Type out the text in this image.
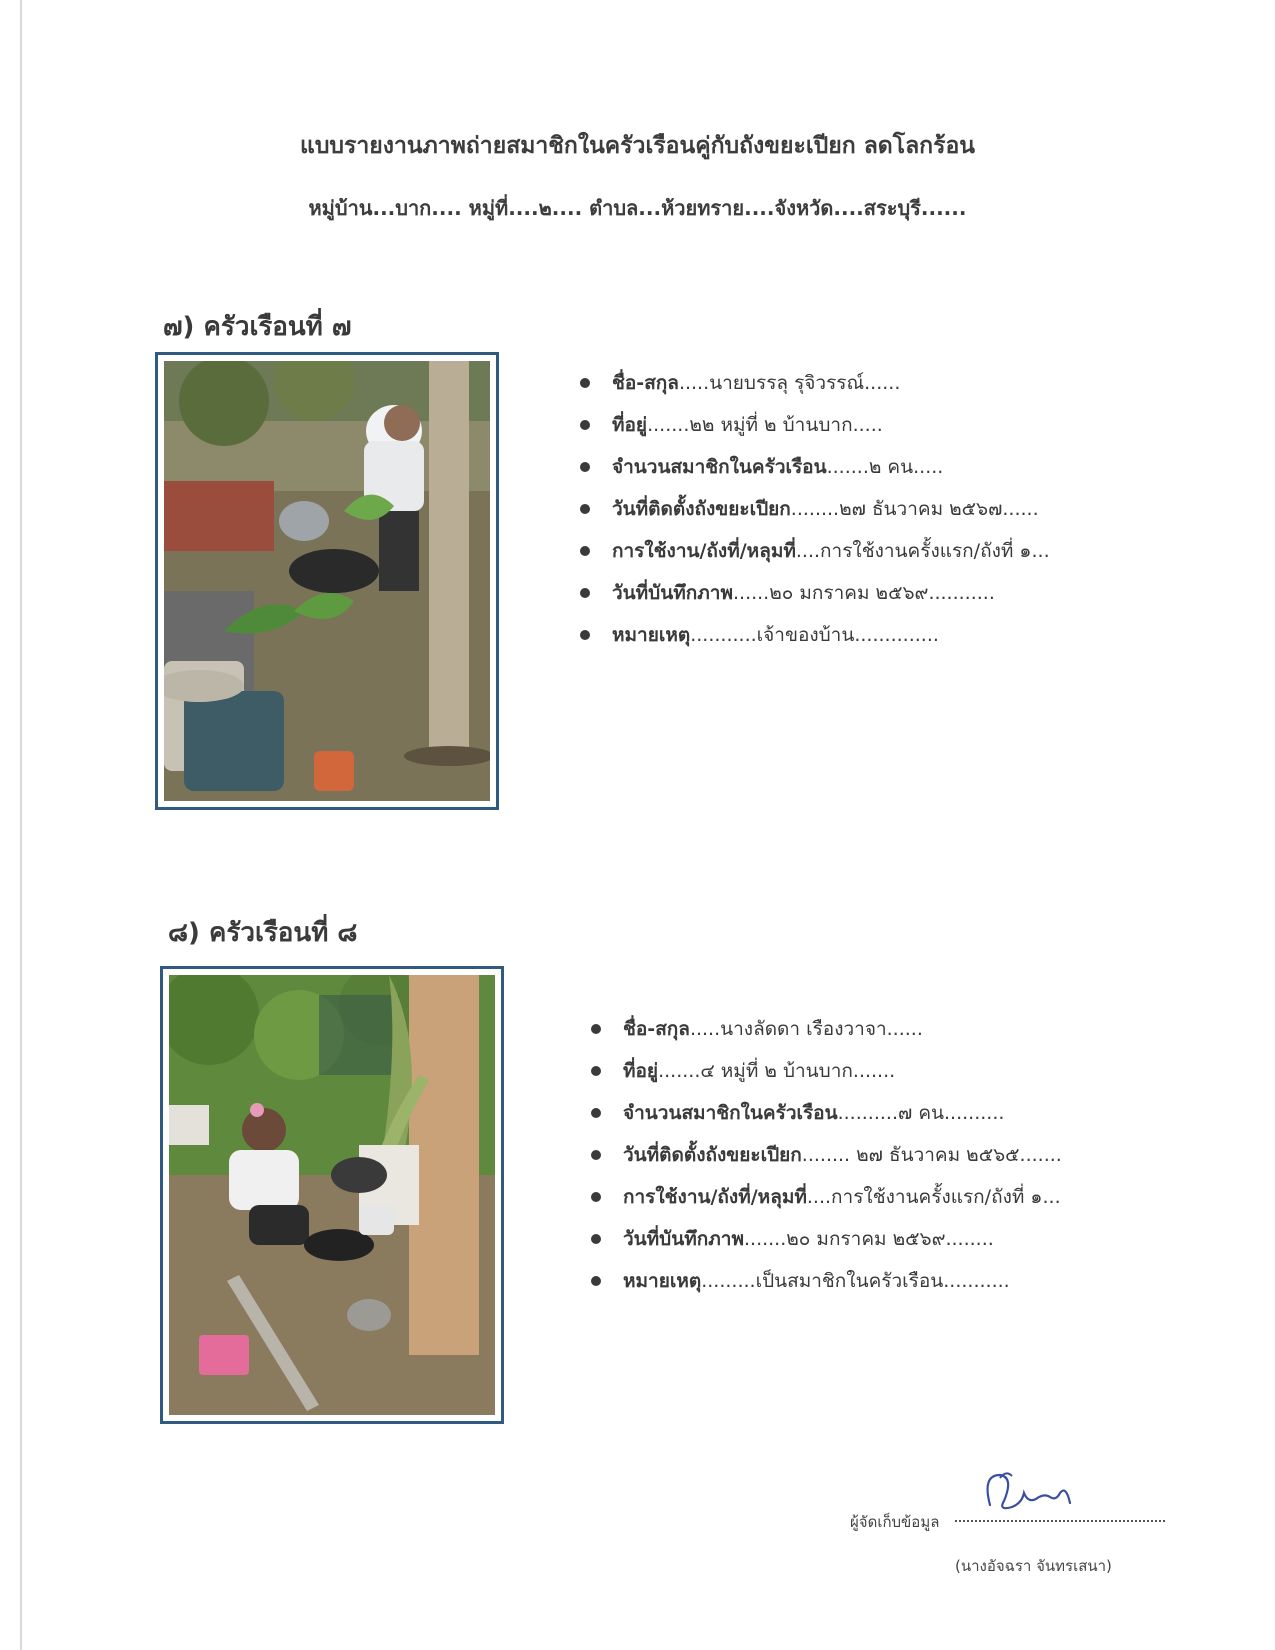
แบบรายงานภาพถ่ายสมาชิกในครัวเรือนคู่กับถังขยะเปียก ลดโลกร้อน
หมู่บ้าน...บาก.... หมู่ที่....๒.... ตำบล...ห้วยทราย....จังหวัด....สระบุรี......
๗) ครัวเรือนที่ ๗
ชื่อ-สกุล.....นายบรรลุ รุจิวรรณ์......
ที่อยู่.......๒๒ หมู่ที่ ๒ บ้านบาก.....
จำนวนสมาชิกในครัวเรือน.......๒ คน.....
วันที่ติดตั้งถังขยะเปียก........๒๗ ธันวาคม ๒๕๖๗......
การใช้งาน/ถังที่/หลุมที่....การใช้งานครั้งแรก/ถังที่ ๑...
วันที่บันทึกภาพ......๒๐ มกราคม ๒๕๖๙...........
หมายเหตุ...........เจ้าของบ้าน..............
๘) ครัวเรือนที่ ๘
ชื่อ-สกุล.....นางลัดดา เรืองวาจา......
ที่อยู่.......๔ หมู่ที่ ๒ บ้านบาก.......
จำนวนสมาชิกในครัวเรือน..........๗ คน..........
วันที่ติดตั้งถังขยะเปียก........ ๒๗ ธันวาคม ๒๕๖๕.......
การใช้งาน/ถังที่/หลุมที่....การใช้งานครั้งแรก/ถังที่ ๑...
วันที่บันทึกภาพ.......๒๐ มกราคม ๒๕๖๙........
หมายเหตุ.........เป็นสมาชิกในครัวเรือน...........
ผู้จัดเก็บข้อมูล
(นางอัจฉรา จันทรเสนา)
